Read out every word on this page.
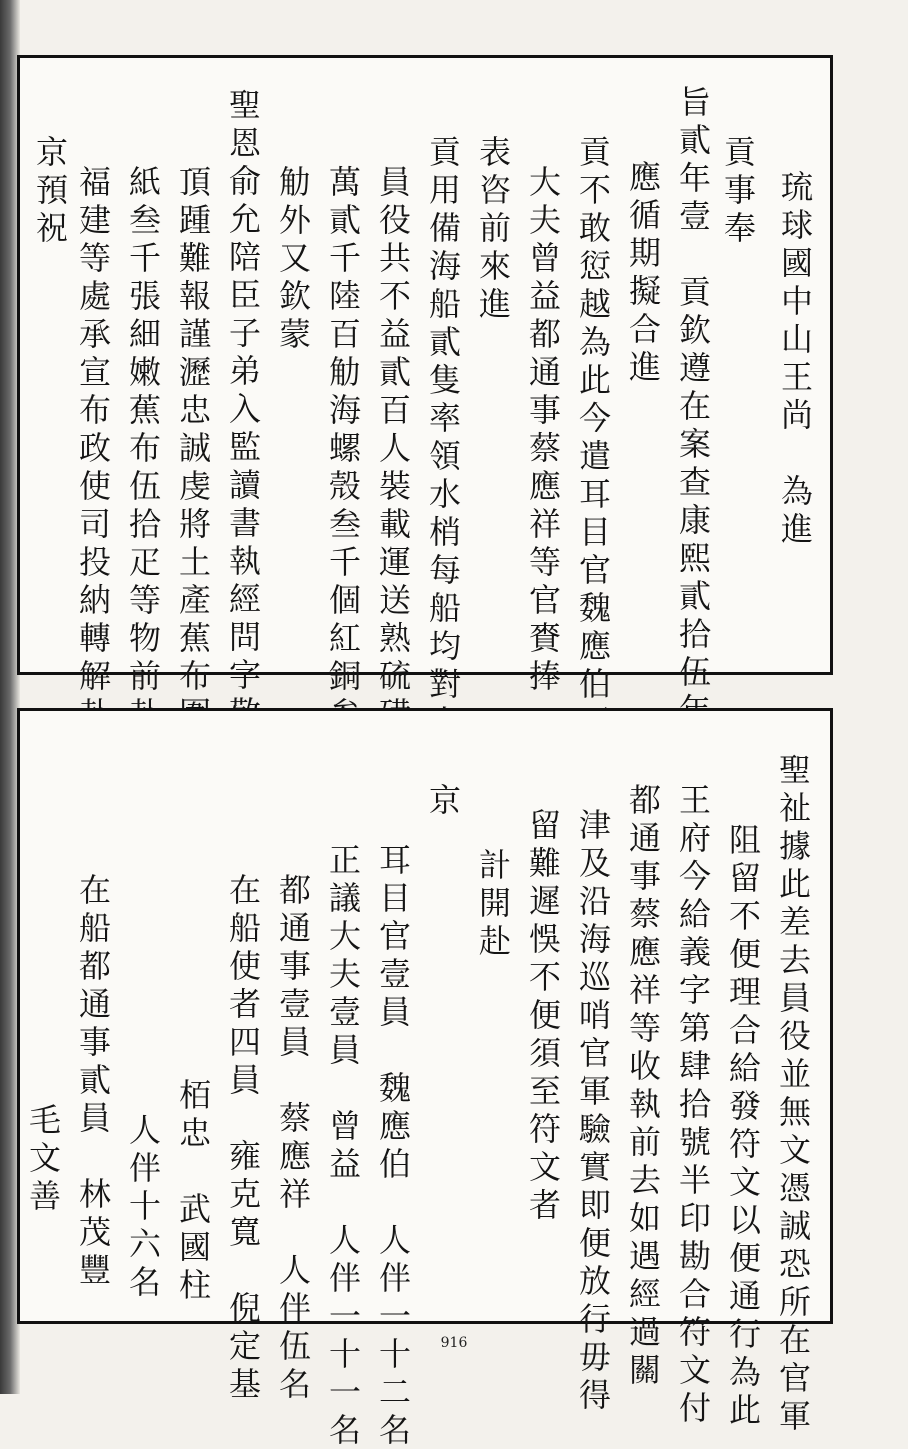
琉
球
國
中
山
王
尚

為
進
貢
事
奉
旨
貳
年
壹

貢
欽
遵
在
案
查
康
熙
貳
拾
伍
應
循
期
擬
合
進
貢
不
敢
愆
越
為
此
今
遣
耳
目
官
魏
應
伯
大
夫
曾
益
都
通
事
蔡
應
祥
等
官
賚
捧
表
咨
前
來
進
貢
用
備
海
船
貳
隻
率
領
水
梢
每
船
均
對
員
役
共
不
益
貳
百
人
裝
載
運
送
熟
硫
萬
貳
千
陸
百
觔
海
螺
殼
叁
千
個
紅
銅
觔
外
又
欽
蒙
聖
恩
俞
允
陪
臣
子
弟
入
監
讀
書
執
經
問
字
頂
踵
難
報
謹
瀝
忠
誠
虔
將
土
產
蕉
布
紙
叁
千
張
細
嫩
蕉
布
伍
拾
疋
等
物
前
福
建
等
處
承
宣
布
政
使
司
投
納
轉
解
京
預
祝
聖
祉
據
此
差
去
員
役
並
無
文
憑
誠
恐
所
在
官
軍
阻
留
不
便
理
合
給
發
符
文
以
便
通
行
為
此
王
府
今
給
義
字
第
肆
拾
號
半
印
勘
合
符
文
付
都
通
事
蔡
應
祥
等
收
執
前
去
如
遇
經
過
關
津
及
沿
海
巡
哨
官
軍
驗
實
即
便
放
行
毋
得
留
難
遲
悞
不
便
須
至
符
文
者
計
開
赴
京
耳
目
官
壹
員

魏
應
伯

人
伴
一
十
二
名
正
議
大
夫
壹
員

曾
益

人
伴
一
十
一
名
都
通
事
壹
員

蔡
應
祥

人
伴
伍
名
在
船
使
者
四
員

雍
克
寬

倪
定
基
栢
忠

武
國
柱
人
伴
十
六
名
在
船
都
通
事
貳
員

林
茂
豐
毛
文
善
916
